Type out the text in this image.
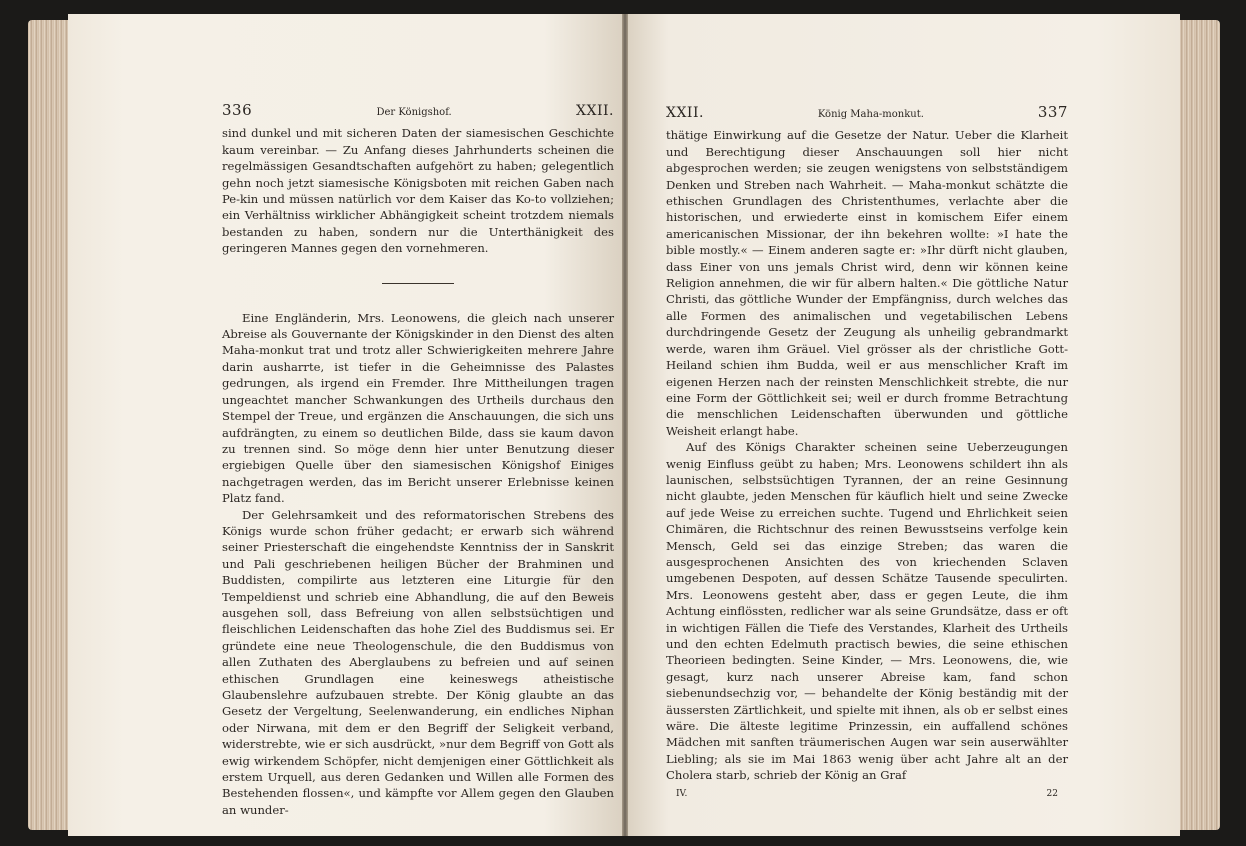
336	Der Königshof.	XXII.

sind dunkel und mit sicheren Daten der siamesischen Geschichte kaum vereinbar. — Zu Anfang dieses Jahrhunderts scheinen die regelmässigen Gesandtschaften aufgehört zu haben; gelegentlich gehn noch jetzt siamesische Königsboten mit reichen Gaben nach Pe-kin und müssen natürlich vor dem Kaiser das Ko-to vollziehen; ein Verhältniss wirklicher Abhängigkeit scheint trotzdem niemals bestanden zu haben, sondern nur die Unterthänigkeit des geringeren Mannes gegen den vornehmeren.

Eine Engländerin, Mrs. Leonowens, die gleich nach unserer Abreise als Gouvernante der Königskinder in den Dienst des alten Maha-monkut trat und trotz aller Schwierigkeiten mehrere Jahre darin ausharrte, ist tiefer in die Geheimnisse des Palastes gedrungen, als irgend ein Fremder. Ihre Mittheilungen tragen ungeachtet mancher Schwankungen des Urtheils durchaus den Stempel der Treue, und ergänzen die Anschauungen, die sich uns aufdrängten, zu einem so deutlichen Bilde, dass sie kaum davon zu trennen sind. So möge denn hier unter Benutzung dieser ergiebigen Quelle über den siamesischen Königshof Einiges nachgetragen werden, das im Bericht unserer Erlebnisse keinen Platz fand.

Der Gelehrsamkeit und des reformatorischen Strebens des Königs wurde schon früher gedacht; er erwarb sich während seiner Priesterschaft die eingehendste Kenntniss der in Sanskrit und Pali geschriebenen heiligen Bücher der Brahminen und Buddisten, compilirte aus letzteren eine Liturgie für den Tempeldienst und schrieb eine Abhandlung, die auf den Beweis ausgehen soll, dass Befreiung von allen selbstsüchtigen und fleischlichen Leidenschaften das hohe Ziel des Buddismus sei. Er gründete eine neue Theologenschule, die den Buddismus von allen Zuthaten des Aberglaubens zu befreien und auf seinen ethischen Grundlagen eine keineswegs atheistische Glaubenslehre aufzubauen strebte. Der König glaubte an das Gesetz der Vergeltung, Seelenwanderung, ein endliches Niphan oder Nirwana, mit dem er den Begriff der Seligkeit verband, widerstrebte, wie er sich ausdrückt, »nur dem Begriff von Gott als ewig wirkendem Schöpfer, nicht demjenigen einer Göttlichkeit als erstem Urquell, aus deren Gedanken und Willen alle Formen des Bestehenden flossen«, und kämpfte vor Allem gegen den Glauben an wunder-

XXII.	König Maha-monkut.	337

thätige Einwirkung auf die Gesetze der Natur. Ueber die Klarheit und Berechtigung dieser Anschauungen soll hier nicht abgesprochen werden; sie zeugen wenigstens von selbstständigem Denken und Streben nach Wahrheit. — Maha-monkut schätzte die ethischen Grundlagen des Christenthumes, verlachte aber die historischen, und erwiederte einst in komischem Eifer einem americanischen Missionar, der ihn bekehren wollte: »I hate the bible mostly.« — Einem anderen sagte er: »Ihr dürft nicht glauben, dass Einer von uns jemals Christ wird, denn wir können keine Religion annehmen, die wir für albern halten.« Die göttliche Natur Christi, das göttliche Wunder der Empfängniss, durch welches das alle Formen des animalischen und vegetabilischen Lebens durchdringende Gesetz der Zeugung als unheilig gebrandmarkt werde, waren ihm Gräuel. Viel grösser als der christliche Gott-Heiland schien ihm Budda, weil er aus menschlicher Kraft im eigenen Herzen nach der reinsten Menschlichkeit strebte, die nur eine Form der Göttlichkeit sei; weil er durch fromme Betrachtung die menschlichen Leidenschaften überwunden und göttliche Weisheit erlangt habe.

Auf des Königs Charakter scheinen seine Ueberzeugungen wenig Einfluss geübt zu haben; Mrs. Leonowens schildert ihn als launischen, selbstsüchtigen Tyrannen, der an reine Gesinnung nicht glaubte, jeden Menschen für käuflich hielt und seine Zwecke auf jede Weise zu erreichen suchte. Tugend und Ehrlichkeit seien Chimären, die Richtschnur des reinen Bewusstseins verfolge kein Mensch, Geld sei das einzige Streben; das waren die ausgesprochenen Ansichten des von kriechenden Sclaven umgebenen Despoten, auf dessen Schätze Tausende speculirten. Mrs. Leonowens gesteht aber, dass er gegen Leute, die ihm Achtung einflössten, redlicher war als seine Grundsätze, dass er oft in wichtigen Fällen die Tiefe des Verstandes, Klarheit des Urtheils und den echten Edelmuth practisch bewies, die seine ethischen Theorieen bedingten. Seine Kinder, — Mrs. Leonowens, die, wie gesagt, kurz nach unserer Abreise kam, fand schon siebenundsechzig vor, — behandelte der König beständig mit der äussersten Zärtlichkeit, und spielte mit ihnen, als ob er selbst eines wäre. Die älteste legitime Prinzessin, ein auffallend schönes Mädchen mit sanften träumerischen Augen war sein auserwählter Liebling; als sie im Mai 1863 wenig über acht Jahre alt an der Cholera starb, schrieb der König an Graf

IV.	22
